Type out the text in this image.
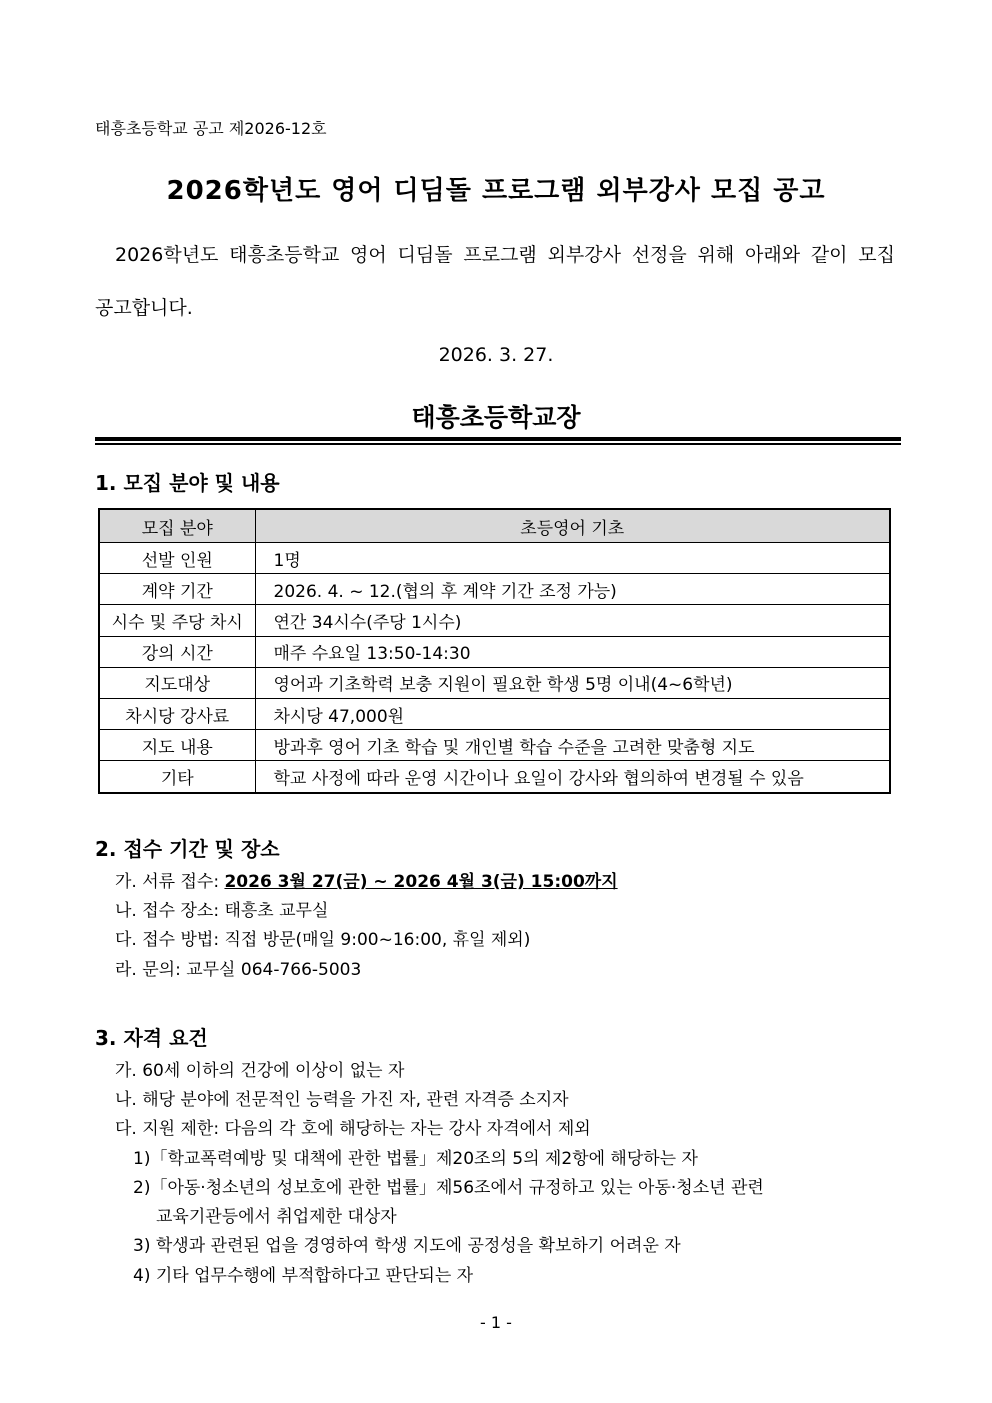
태흥초등학교 공고 제2026-12호
2026학년도 영어 디딤돌 프로그램 외부강사 모집 공고
2026학년도 태흥초등학교 영어 디딤돌 프로그램 외부강사 선정을 위해 아래와 같이 모집
공고합니다.
2026. 3. 27.
태흥초등학교장
1. 모집 분야 및 내용
모집 분야	초등영어 기초
선발 인원	1명
계약 기간	2026. 4. ~ 12.(협의 후 계약 기간 조정 가능)
시수 및 주당 차시	연간 34시수(주당 1시수)
강의 시간	매주 수요일 13:50-14:30
지도대상	영어과 기초학력 보충 지원이 필요한 학생 5명 이내(4~6학년)
차시당 강사료	차시당 47,000원
지도 내용	방과후 영어 기초 학습 및 개인별 학습 수준을 고려한 맞춤형 지도
기타	학교 사정에 따라 운영 시간이나 요일이 강사와 협의하여 변경될 수 있음
2. 접수 기간 및 장소
가. 서류 접수: 2026 3월 27(금) ~ 2026 4월 3(금) 15:00까지
나. 접수 장소: 태흥초 교무실
다. 접수 방법: 직접 방문(매일 9:00~16:00, 휴일 제외)
라. 문의: 교무실 064-766-5003
3. 자격 요건
가. 60세 이하의 건강에 이상이 없는 자
나. 해당 분야에 전문적인 능력을 가진 자, 관련 자격증 소지자
다. 지원 제한: 다음의 각 호에 해당하는 자는 강사 자격에서 제외
1)「학교폭력예방 및 대책에 관한 법률」제20조의 5의 제2항에 해당하는 자
2)「아동·청소년의 성보호에 관한 법률」제56조에서 규정하고 있는 아동·청소년 관련
교육기관등에서 취업제한 대상자
3) 학생과 관련된 업을 경영하여 학생 지도에 공정성을 확보하기 어려운 자
4) 기타 업무수행에 부적합하다고 판단되는 자
- 1 -
